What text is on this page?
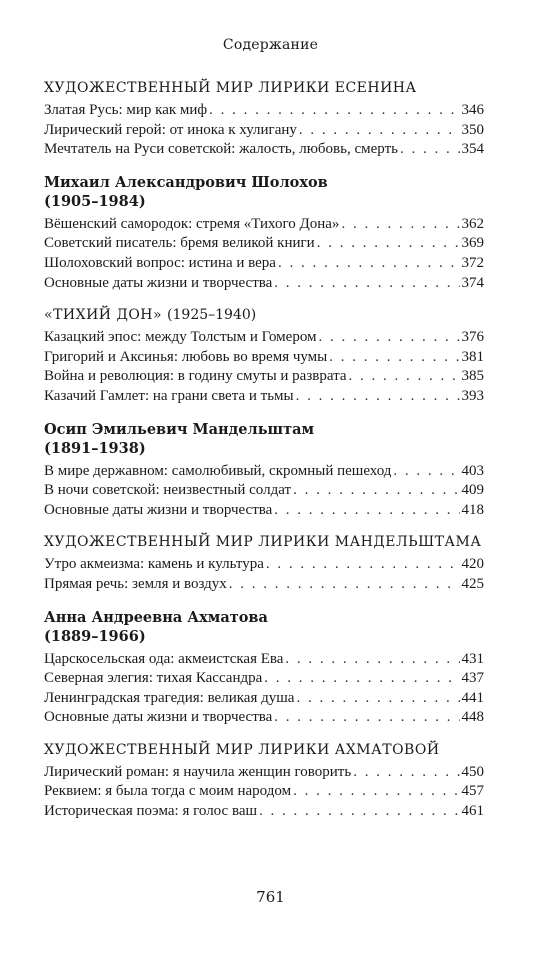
Содержание
ХУДОЖЕСТВЕННЫЙ МИР ЛИРИКИ ЕСЕНИНА
Златая Русь: мир как миф . . .	346
Лирический герой: от инока к хулигану . . .	350
Мечтатель на Руси советской: жалость, любовь, смерть . . .	354
Михаил Александрович Шолохов
(1905–1984)
Вёшенский самородок: стремя «Тихого Дона» . . .	362
Советский писатель: бремя великой книги . . .	369
Шолоховский вопрос: истина и вера . . .	372
Основные даты жизни и творчества . . .	374
«ТИХИЙ ДОН» (1925–1940)
Казацкий эпос: между Толстым и Гомером . . .	376
Григорий и Аксинья: любовь во время чумы . . .	381
Война и революция: в годину смуты и разврата . . .	385
Казачий Гамлет: на грани света и тьмы . . .	393
Осип Эмильевич Мандельштам
(1891–1938)
В мире державном: самолюбивый, скромный пешеход . . .	403
В ночи советской: неизвестный солдат . . .	409
Основные даты жизни и творчества . . .	418
ХУДОЖЕСТВЕННЫЙ МИР ЛИРИКИ МАНДЕЛЬШТАМА
Утро акмеизма: камень и культура . . .	420
Прямая речь: земля и воздух . . .	425
Анна Андреевна Ахматова
(1889–1966)
Царскосельская ода: акмеистская Ева . . .	431
Северная элегия: тихая Кассандра . . .	437
Ленинградская трагедия: великая душа . . .	441
Основные даты жизни и творчества . . .	448
ХУДОЖЕСТВЕННЫЙ МИР ЛИРИКИ АХМАТОВОЙ
Лирический роман: я научила женщин говорить . . .	450
Реквием: я была тогда с моим народом . . .	457
Историческая поэма: я голос ваш . . .	461
761
